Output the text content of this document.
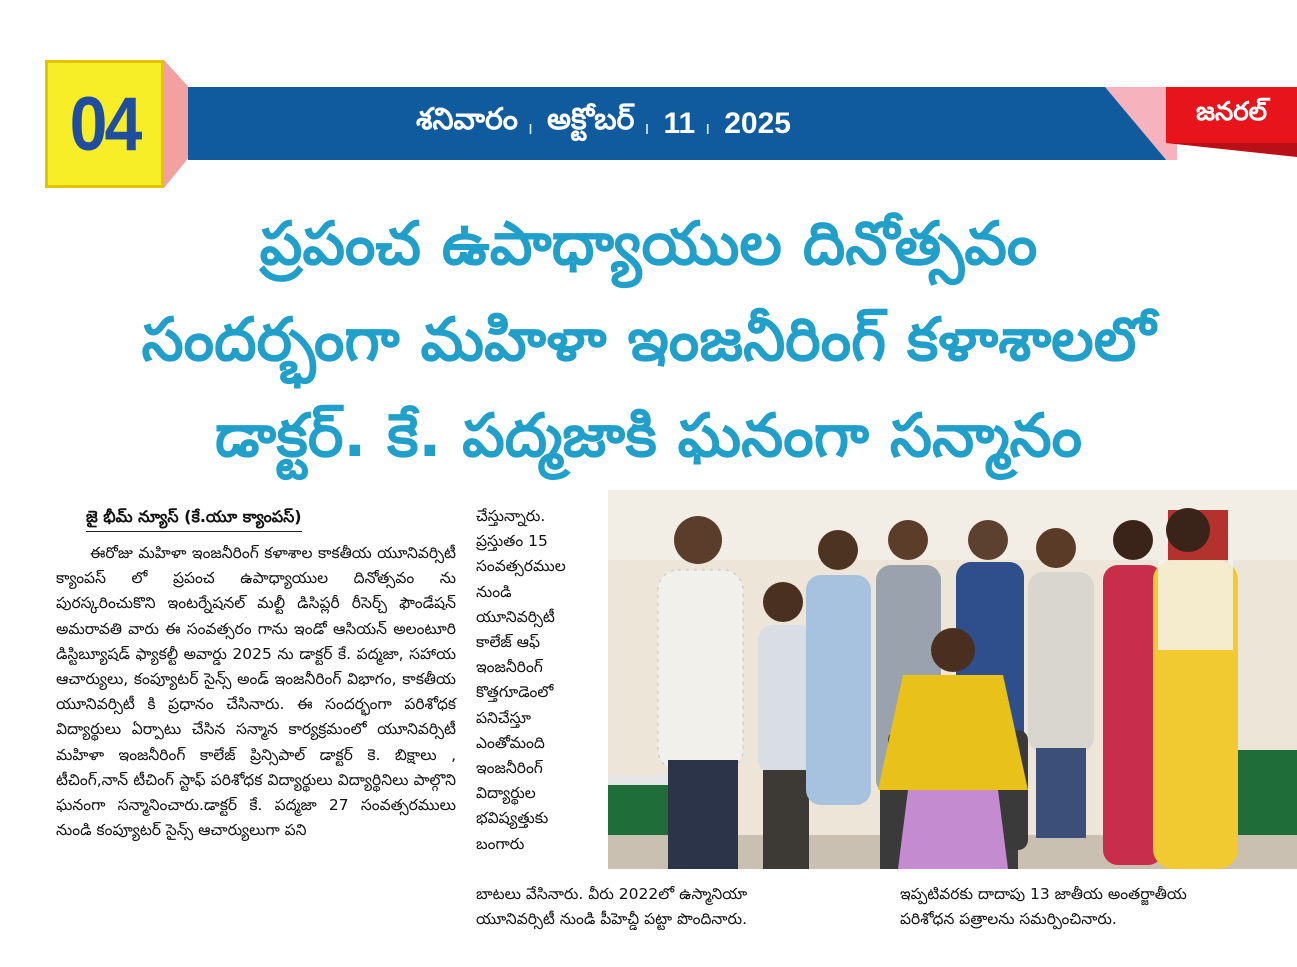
04	శనివారం ı అక్టోబర్ ı 11 ı 2025	జనరల్
ప్రపంచ ఉపాధ్యాయుల దినోత్సవం
సందర్భంగా మహిళా ఇంజనీరింగ్ కళాశాలలో
డాక్టర్. కే. పద్మజాకి ఘనంగా సన్మానం
జై భీమ్ న్యూస్ (కే.యూ క్యాంపస్)

ఈరోజు మహిళా ఇంజనీరింగ్ కళాశాల కాకతీయ యూనివర్సిటీ క్యాంపస్ లో ప్రపంచ ఉపాధ్యాయుల దినోత్సవం ను పురస్కరించుకొని ఇంటర్నేషనల్ మల్టీ డిసిప్లరీ రీసెర్చ్ ఫౌండేషన్ అమరావతి వారు ఈ సంవత్సరం గాను ఇండో ఆసియన్ అలంటూరి డిస్టిబ్యూషడ్ ఫ్యాకల్టీ అవార్డు 2025 ను డాక్టర్ కే. పద్మజా, సహాయ ఆచార్యులు, కంప్యూటర్ సైన్స్ అండ్ ఇంజనీరింగ్ విభాగం, కాకతీయ యూనివర్సిటీ కి ప్రధానం చేసినారు. ఈ సందర్భంగా పరిశోధక విద్యార్థులు ఏర్పాటు చేసిన సన్మాన కార్యక్రమంలో యూనివర్సిటీ మహిళా ఇంజనీరింగ్ కాలేజ్ ప్రిన్సిపాల్ డాక్టర్ కె. బిక్షాలు , టీచింగ్,నాన్ టీచింగ్ స్టాఫ్ పరిశోధక విద్యార్థులు విద్యార్థినిలు పాల్గొని ఘనంగా సన్మానించారు.డాక్టర్ కే. పద్మజా 27 సంవత్సరములు నుండి కంప్యూటర్ సైన్స్ ఆచార్యులుగా పని

చేస్తున్నారు.

ప్రస్తుతం 15

సంవత్సరముల

నుండి

యూనివర్సిటీ

కాలేజ్ ఆఫ్

ఇంజనీరింగ్

కొత్తగూడెంలో

పనిచేస్తూ

ఎంతోమంది

ఇంజనీరింగ్

విద్యార్థుల

భవిష్యత్తుకు

బంగారు

బాటలు వేసినారు. వీరు 2022లో ఉస్మానియా

యూనివర్సిటీ నుండి పీహెచ్డీ పట్టా పొందినారు.

ఇప్పటివరకు దాదాపు 13 జాతీయ అంతర్జాతీయ

పరిశోధన పత్రాలను సమర్పించినారు.
